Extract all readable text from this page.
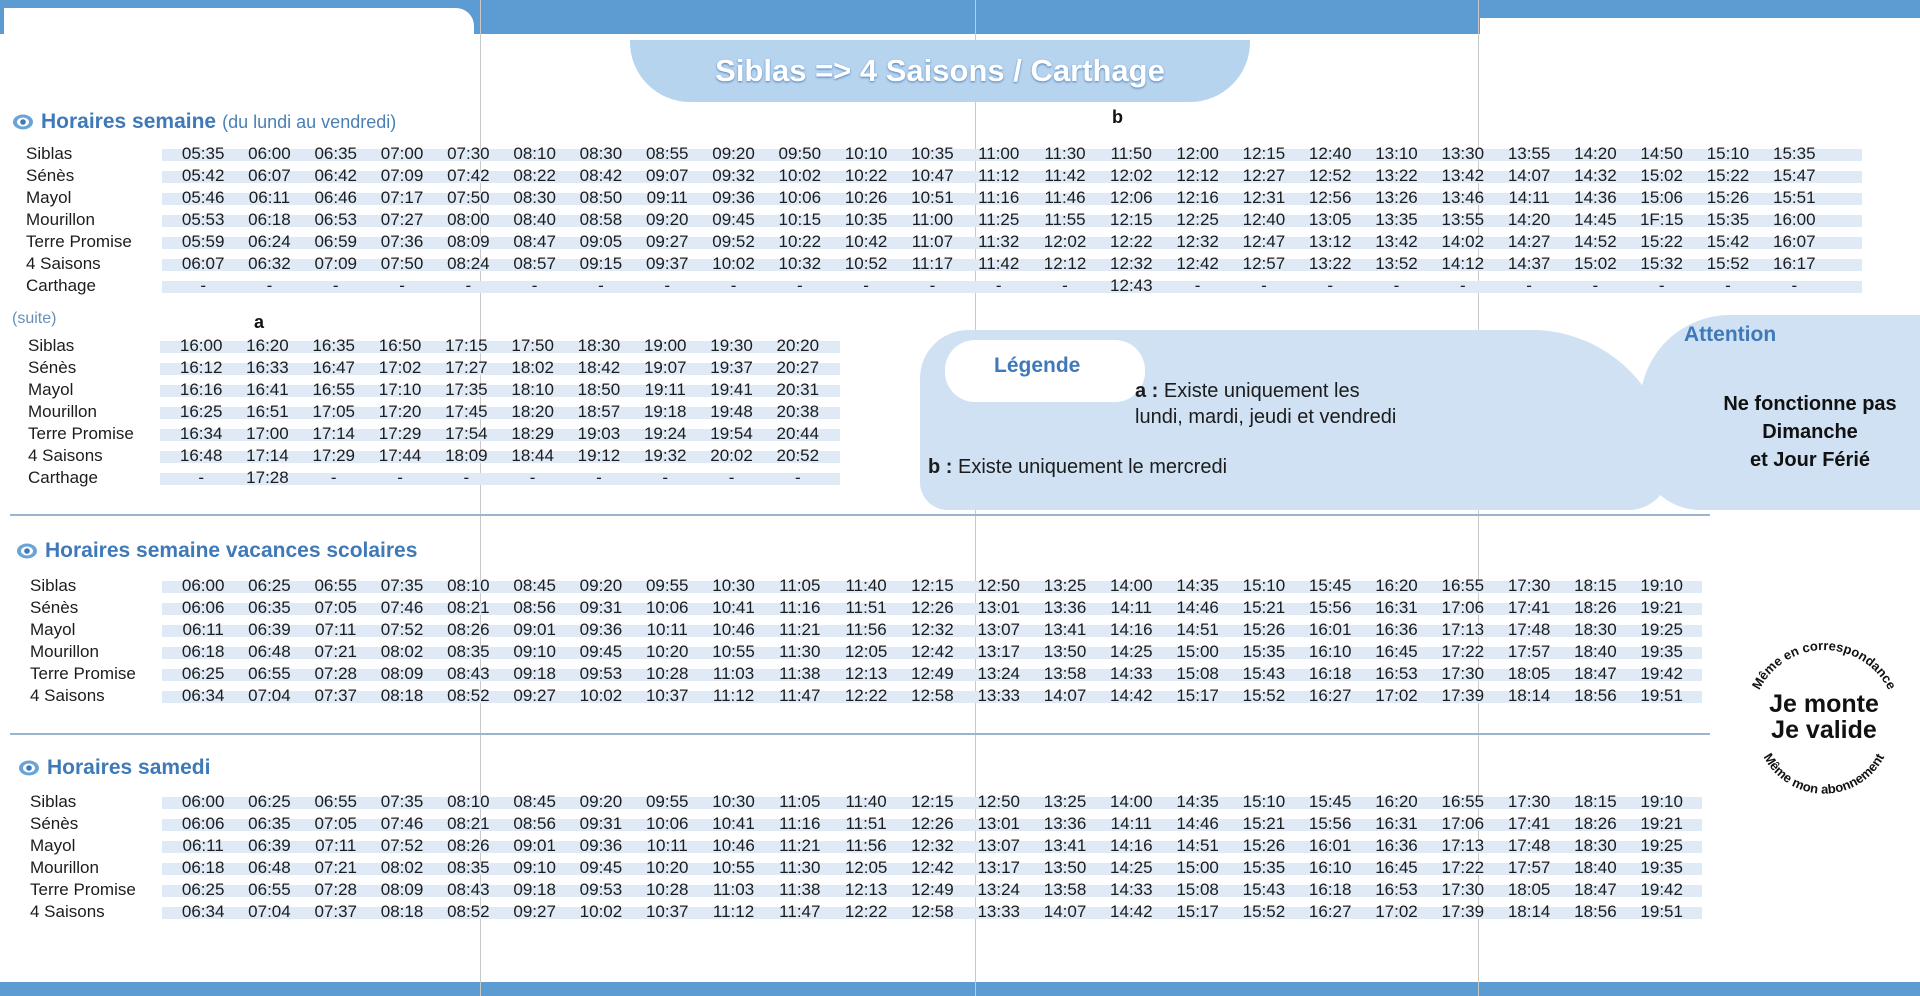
Siblas => 4 Saisons / Carthage
Horaires semaine (du lundi au vendredi)	b
(suite)	a
Horaires semaine vacances scolaires
Horaires samedi
Siblas	05:35	06:00	06:35	07:00	07:30	08:10	08:30	08:55	09:20	09:50	10:10	10:35	11:00	11:30	11:50	12:00	12:15	12:40	13:10	13:30	13:55	14:20	14:50	15:10	15:35
Sénès	05:42	06:07	06:42	07:09	07:42	08:22	08:42	09:07	09:32	10:02	10:22	10:47	11:12	11:42	12:02	12:12	12:27	12:52	13:22	13:42	14:07	14:32	15:02	15:22	15:47
Mayol	05:46	06:11	06:46	07:17	07:50	08:30	08:50	09:11	09:36	10:06	10:26	10:51	11:16	11:46	12:06	12:16	12:31	12:56	13:26	13:46	14:11	14:36	15:06	15:26	15:51
Mourillon	05:53	06:18	06:53	07:27	08:00	08:40	08:58	09:20	09:45	10:15	10:35	11:00	11:25	11:55	12:15	12:25	12:40	13:05	13:35	13:55	14:20	14:45	1F:15	15:35	16:00
Terre Promise	05:59	06:24	06:59	07:36	08:09	08:47	09:05	09:27	09:52	10:22	10:42	11:07	11:32	12:02	12:22	12:32	12:47	13:12	13:42	14:02	14:27	14:52	15:22	15:42	16:07
4 Saisons	06:07	06:32	07:09	07:50	08:24	08:57	09:15	09:37	10:02	10:32	10:52	11:17	11:42	12:12	12:32	12:42	12:57	13:22	13:52	14:12	14:37	15:02	15:32	15:52	16:17
Carthage	-	-	-	-	-	-	-	-	-	-	-	-	-	-	12:43	-	-	-	-	-	-	-	-	-	-
Siblas	16:00	16:20	16:35	16:50	17:15	17:50	18:30	19:00	19:30	20:20
Sénès	16:12	16:33	16:47	17:02	17:27	18:02	18:42	19:07	19:37	20:27
Mayol	16:16	16:41	16:55	17:10	17:35	18:10	18:50	19:11	19:41	20:31
Mourillon	16:25	16:51	17:05	17:20	17:45	18:20	18:57	19:18	19:48	20:38
Terre Promise	16:34	17:00	17:14	17:29	17:54	18:29	19:03	19:24	19:54	20:44
4 Saisons	16:48	17:14	17:29	17:44	18:09	18:44	19:12	19:32	20:02	20:52
Carthage	-	17:28	-	-	-	-	-	-	-	-
Siblas	06:00	06:25	06:55	07:35	08:10	08:45	09:20	09:55	10:30	11:05	11:40	12:15	12:50	13:25	14:00	14:35	15:10	15:45	16:20	16:55	17:30	18:15	19:10
Sénès	06:06	06:35	07:05	07:46	08:21	08:56	09:31	10:06	10:41	11:16	11:51	12:26	13:01	13:36	14:11	14:46	15:21	15:56	16:31	17:06	17:41	18:26	19:21
Mayol	06:11	06:39	07:11	07:52	08:26	09:01	09:36	10:11	10:46	11:21	11:56	12:32	13:07	13:41	14:16	14:51	15:26	16:01	16:36	17:13	17:48	18:30	19:25
Mourillon	06:18	06:48	07:21	08:02	08:35	09:10	09:45	10:20	10:55	11:30	12:05	12:42	13:17	13:50	14:25	15:00	15:35	16:10	16:45	17:22	17:57	18:40	19:35
Terre Promise	06:25	06:55	07:28	08:09	08:43	09:18	09:53	10:28	11:03	11:38	12:13	12:49	13:24	13:58	14:33	15:08	15:43	16:18	16:53	17:30	18:05	18:47	19:42
4 Saisons	06:34	07:04	07:37	08:18	08:52	09:27	10:02	10:37	11:12	11:47	12:22	12:58	13:33	14:07	14:42	15:17	15:52	16:27	17:02	17:39	18:14	18:56	19:51
Siblas	06:00	06:25	06:55	07:35	08:10	08:45	09:20	09:55	10:30	11:05	11:40	12:15	12:50	13:25	14:00	14:35	15:10	15:45	16:20	16:55	17:30	18:15	19:10
Sénès	06:06	06:35	07:05	07:46	08:21	08:56	09:31	10:06	10:41	11:16	11:51	12:26	13:01	13:36	14:11	14:46	15:21	15:56	16:31	17:06	17:41	18:26	19:21
Mayol	06:11	06:39	07:11	07:52	08:26	09:01	09:36	10:11	10:46	11:21	11:56	12:32	13:07	13:41	14:16	14:51	15:26	16:01	16:36	17:13	17:48	18:30	19:25
Mourillon	06:18	06:48	07:21	08:02	08:35	09:10	09:45	10:20	10:55	11:30	12:05	12:42	13:17	13:50	14:25	15:00	15:35	16:10	16:45	17:22	17:57	18:40	19:35
Terre Promise	06:25	06:55	07:28	08:09	08:43	09:18	09:53	10:28	11:03	11:38	12:13	12:49	13:24	13:58	14:33	15:08	15:43	16:18	16:53	17:30	18:05	18:47	19:42
4 Saisons	06:34	07:04	07:37	08:18	08:52	09:27	10:02	10:37	11:12	11:47	12:22	12:58	13:33	14:07	14:42	15:17	15:52	16:27	17:02	17:39	18:14	18:56	19:51
Légende
a : Existe uniquement les
lundi, mardi, jeudi et vendredi
b : Existe uniquement le mercredi
Attention
Ne fonctionne pas
Dimanche
et Jour Férié
Même en correspondance
Je monte
Je valide
Même mon abonnement
